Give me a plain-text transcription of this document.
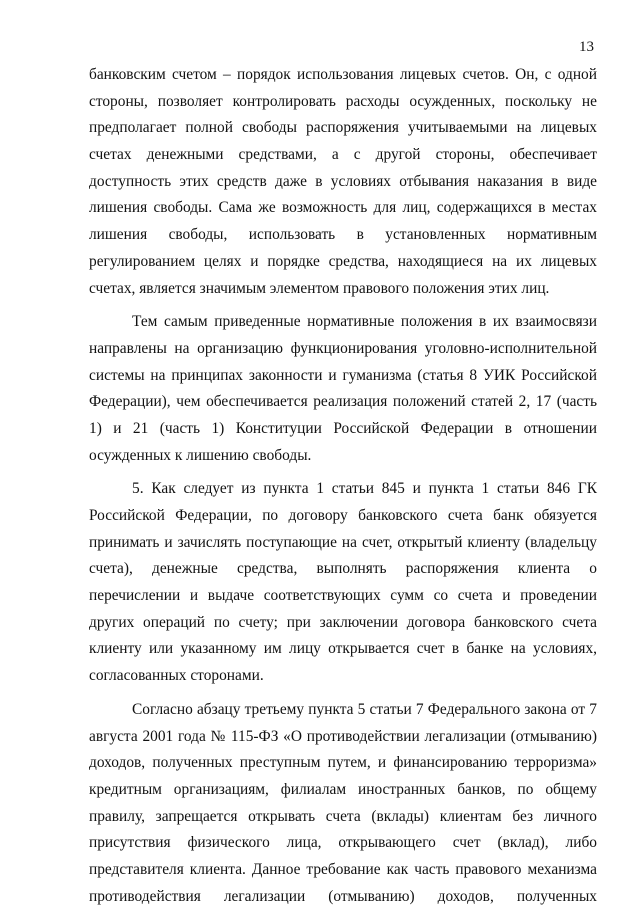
13
банковским счетом – порядок использования лицевых счетов. Он, с одной
стороны, позволяет контролировать расходы осужденных, поскольку не
предполагает полной свободы распоряжения учитываемыми на лицевых
счетах денежными средствами, а с другой стороны, обеспечивает
доступность этих средств даже в условиях отбывания наказания в виде
лишения свободы. Сама же возможность для лиц, содержащихся в местах
лишения свободы, использовать в установленных нормативным
регулированием целях и порядке средства, находящиеся на их лицевых
счетах, является значимым элементом правового положения этих лиц.
Тем самым приведенные нормативные положения в их взаимосвязи
направлены на организацию функционирования уголовно-исполнительной
системы на принципах законности и гуманизма (статья 8 УИК Российской
Федерации), чем обеспечивается реализация положений статей 2, 17 (часть
1) и 21 (часть 1) Конституции Российской Федерации в отношении
осужденных к лишению свободы.
5. Как следует из пункта 1 статьи 845 и пункта 1 статьи 846 ГК
Российской Федерации, по договору банковского счета банк обязуется
принимать и зачислять поступающие на счет, открытый клиенту (владельцу
счета), денежные средства, выполнять распоряжения клиента о
перечислении и выдаче соответствующих сумм со счета и проведении
других операций по счету; при заключении договора банковского счета
клиенту или указанному им лицу открывается счет в банке на условиях,
согласованных сторонами.
Согласно абзацу третьему пункта 5 статьи 7 Федерального закона от 7
августа 2001 года № 115-ФЗ «О противодействии легализации (отмыванию)
доходов, полученных преступным путем, и финансированию терроризма»
кредитным организациям, филиалам иностранных банков, по общему
правилу, запрещается открывать счета (вклады) клиентам без личного
присутствия физического лица, открывающего счет (вклад), либо
представителя клиента. Данное требование как часть правового механизма
противодействия легализации (отмыванию) доходов, полученных
